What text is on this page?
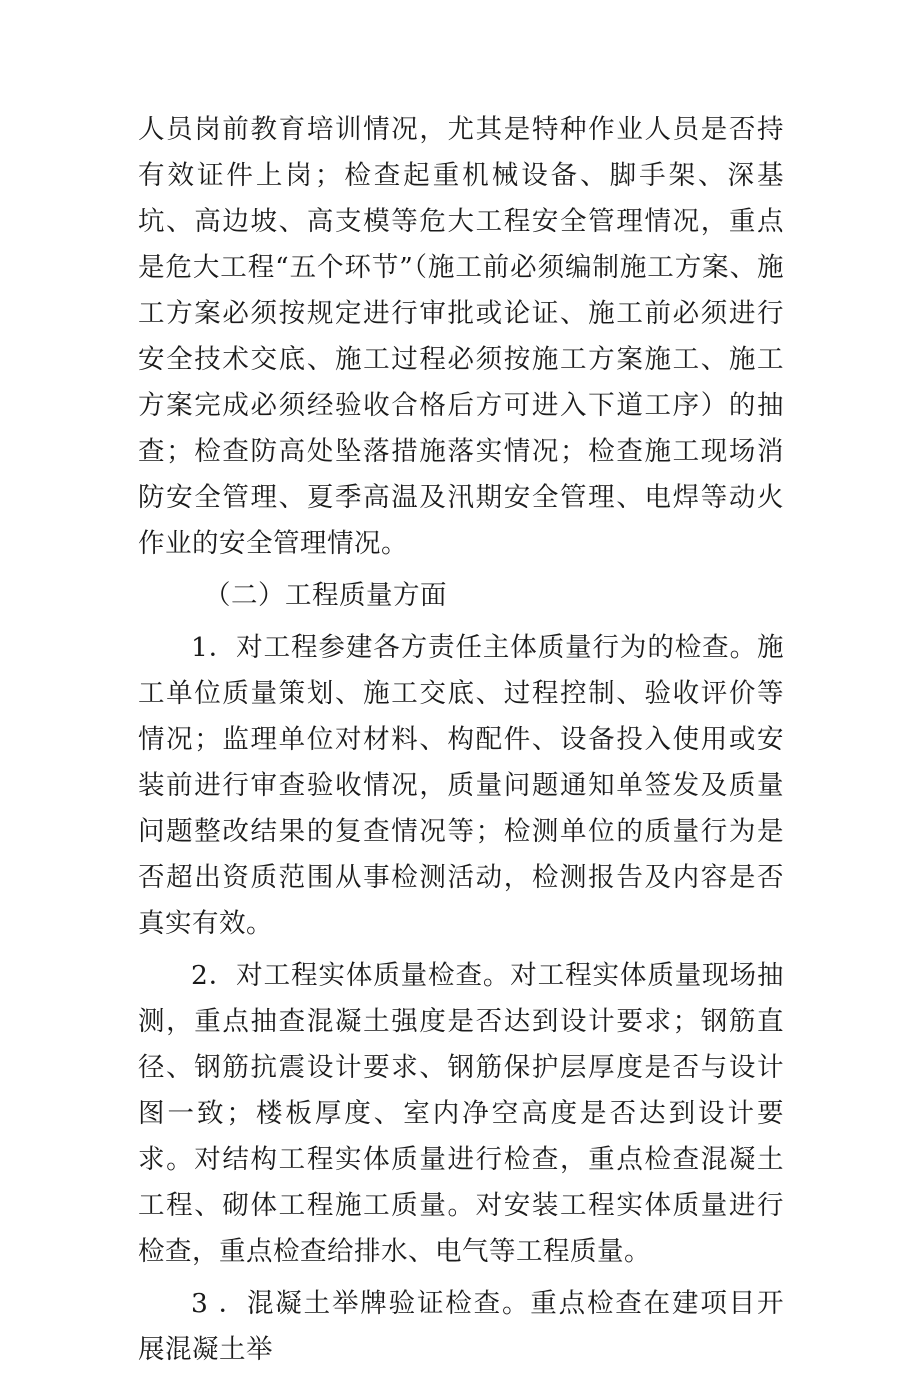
人员岗前教育培训情况，尤其是特种作业人员是否持有效证件上岗；检查起重机械设备、脚手架、深基坑、高边坡、高支模等危大工程安全管理情况，重点是危大工程“五个环节”（施工前必须编制施工方案、施工方案必须按规定进行审批或论证、施工前必须进行安全技术交底、施工过程必须按施工方案施工、施工方案完成必须经验收合格后方可进入下道工序）的抽查；检查防高处坠落措施落实情况；检查施工现场消防安全管理、夏季高温及汛期安全管理、电焊等动火作业的安全管理情况。

（二）工程质量方面

1．对工程参建各方责任主体质量行为的检查。施工单位质量策划、施工交底、过程控制、验收评价等情况；监理单位对材料、构配件、设备投入使用或安装前进行审查验收情况，质量问题通知单签发及质量问题整改结果的复查情况等；检测单位的质量行为是否超出资质范围从事检测活动，检测报告及内容是否真实有效。

2．对工程实体质量检查。对工程实体质量现场抽测，重点抽查混凝土强度是否达到设计要求；钢筋直径、钢筋抗震设计要求、钢筋保护层厚度是否与设计图一致；楼板厚度、室内净空高度是否达到设计要求。对结构工程实体质量进行检查，重点检查混凝土工程、砌体工程施工质量。对安装工程实体质量进行检查，重点检查给排水、电气等工程质量。

3 ．混凝土举牌验证检查。重点检查在建项目开展混凝土举
